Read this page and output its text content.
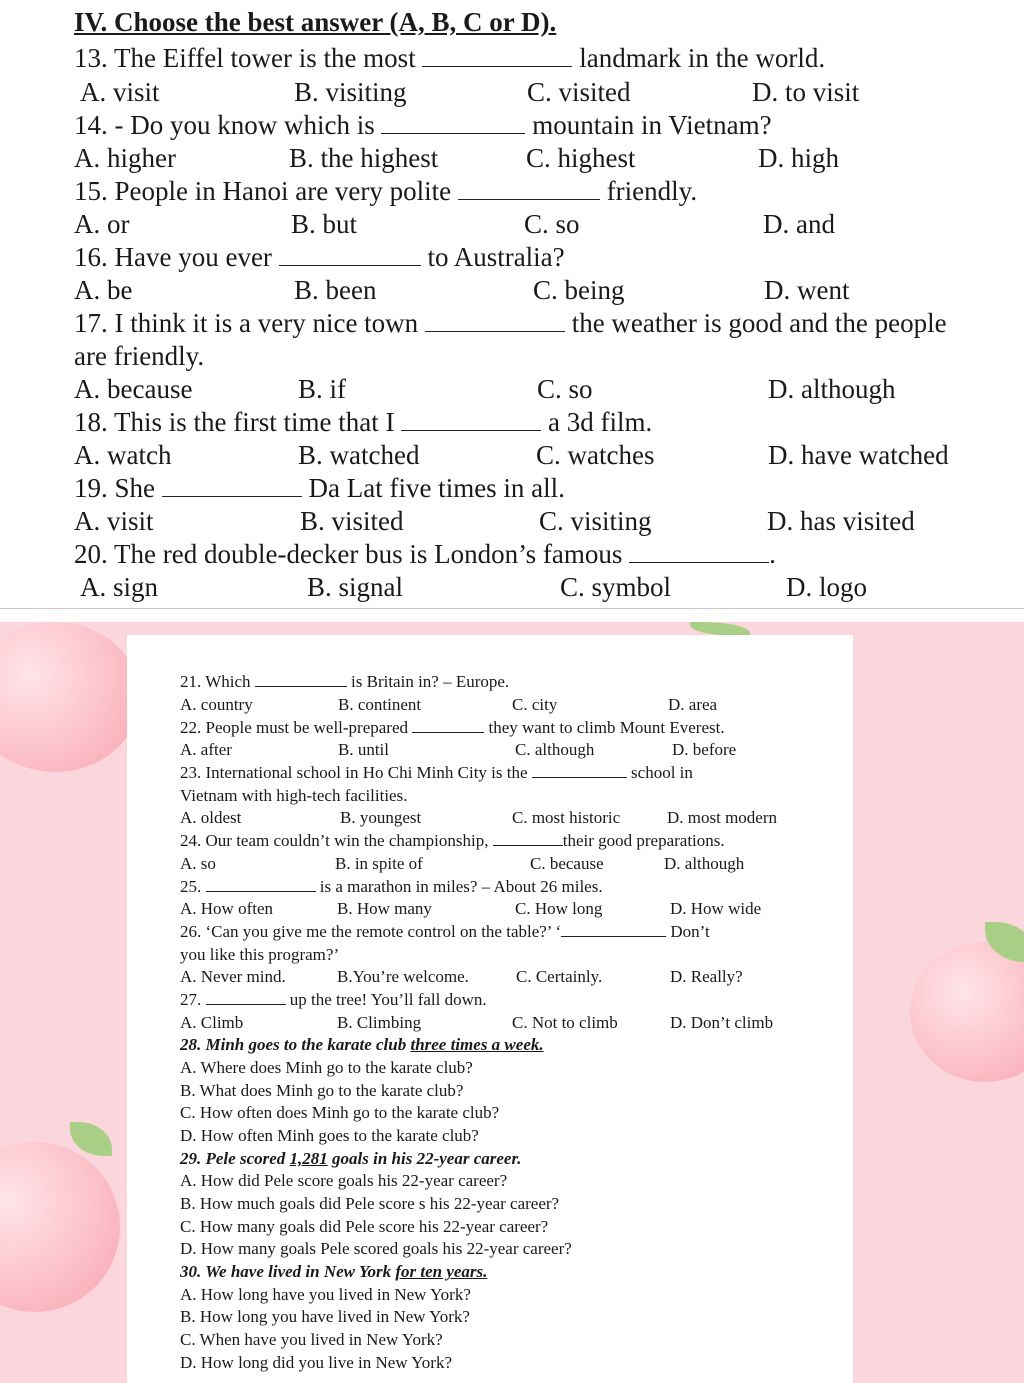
IV. Choose the best answer (A, B, C or D).
13. The Eiffel tower is the most	landmark in the world.
A. visit	B. visiting	C. visited	D. to visit
14. - Do you know which is	mountain in Vietnam?
A. higher	B. the highest	C. highest	D. high
15. People in Hanoi are very polite	friendly.
A. or	B. but	C. so	D. and
16. Have you ever	to Australia?
A. be	B. been	C. being	D. went
17. I think it is a very nice town	the weather is good and the people
are friendly.
A. because	B. if	C. so	D. although
18. This is the first time that I	a 3d film.
A. watch	B. watched	C. watches	D. have watched
19. She	Da Lat five times in all.
A. visit	B. visited	C. visiting	D. has visited
20. The red double-decker bus is London’s famous	.
A. sign	B. signal	C. symbol	D. logo
21. Which	is Britain in? – Europe.
A. country	B. continent	C. city	D. area
22. People must be well-prepared	they want to climb Mount Everest.
A. after	B. until	C. although	D. before
23. International school in Ho Chi Minh City is the	school in
Vietnam with high-tech facilities.
A. oldest	B. youngest	C. most historic	D. most modern
24. Our team couldn’t win the championship,	their good preparations.
A. so	B. in spite of	C. because	D. although
25.	is a marathon in miles? – About 26 miles.
A. How often	B. How many	C. How long	D. How wide
26. ‘Can you give me the remote control on the table?’ ‘	Don’t
you like this program?’
A. Never mind.	B.You’re welcome.	C. Certainly.	D. Really?
27.	up the tree! You’ll fall down.
A. Climb	B. Climbing	C. Not to climb	D. Don’t climb
28. Minh goes to the karate club three times a week.
A. Where does Minh go to the karate club?
B. What does Minh go to the karate club?
C. How often does Minh go to the karate club?
D. How often Minh goes to the karate club?
29. Pele scored 1,281 goals in his 22-year career.
A. How did Pele score goals his 22-year career?
B. How much goals did Pele score s his 22-year career?
C. How many goals did Pele score his 22-year career?
D. How many goals Pele scored goals his 22-year career?
30. We have lived in New York for ten years.
A. How long have you lived in New York?
B. How long you have lived in New York?
C. When have you lived in New York?
D. How long did you live in New York?
